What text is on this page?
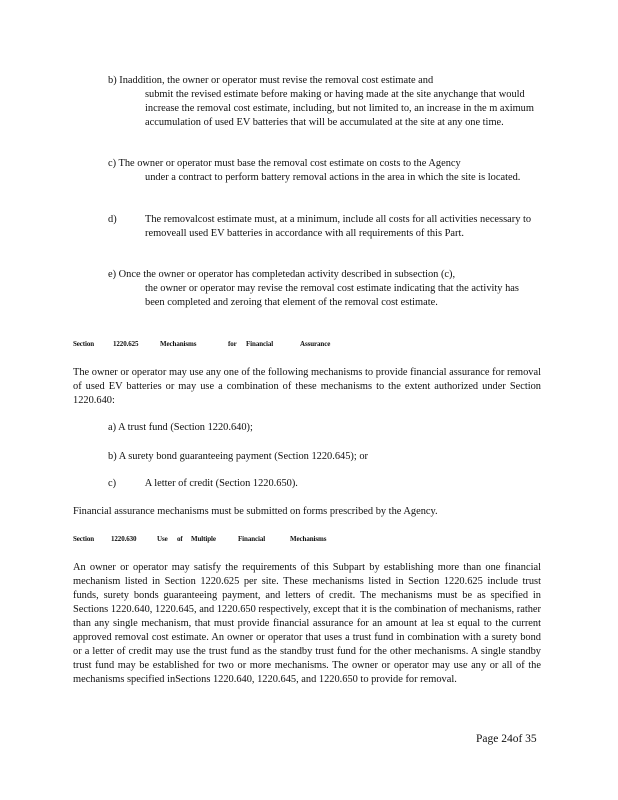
b) Inaddition, the owner or operator must revise the removal cost estimate and
submit the revised estimate before making or having made at the site anychange that would increase the removal cost estimate, including, but not limited to, an increase in the m aximum accumulation of used EV batteries that will be accumulated at the site at any one time.
c) The owner or operator must base the removal cost estimate on costs to the Agency
under a contract to perform battery removal actions in the area in which the site is located.
d)	The removalcost estimate must, at a minimum, include all costs for all activities necessary to removeall used EV batteries in accordance with all requirements of this Part.
e) Once the owner or operator has completedan activity described in subsection (c),
the owner or operator may revise the removal cost estimate indicating that the activity has been completed and zeroing that element of the removal cost estimate.
Section	1220.625	Mechanisms	for Financial	Assurance
The owner or operator may use any one of the following mechanisms to provide financial assurance for removal of used EV batteries or may use a combination of these mechanisms to the extent authorized under Section 1220.640:
a) A trust fund (Section 1220.640);
b) A surety bond guaranteeing payment (Section 1220.645); or
c)	A letter of credit (Section 1220.650).
Financial assurance mechanisms must be submitted on forms prescribed by the Agency.
Section 1220.630	Use of Multiple	Financial	Mechanisms
An owner or operator may satisfy the requirements of this Subpart by establishing more than one financial mechanism listed in Section 1220.625 per site. These mechanisms listed in Section 1220.625 include trust funds, surety bonds guaranteeing payment, and letters of credit. The mechanisms must be as specified in Sections 1220.640, 1220.645, and 1220.650 respectively, except that it is the combination of mechanisms, rather than any single mechanism, that must provide financial assurance for an amount at lea st equal to the current approved removal cost estimate. An owner or operator that uses a trust fund in combination with a surety bond or a letter of credit may use the trust fund as the standby trust fund for the other mechanisms. A single standby trust fund may be established for two or more mechanisms. The owner or operator may use any or all of the mechanisms specified inSections 1220.640, 1220.645, and 1220.650 to provide for removal.
Page 24of 35
